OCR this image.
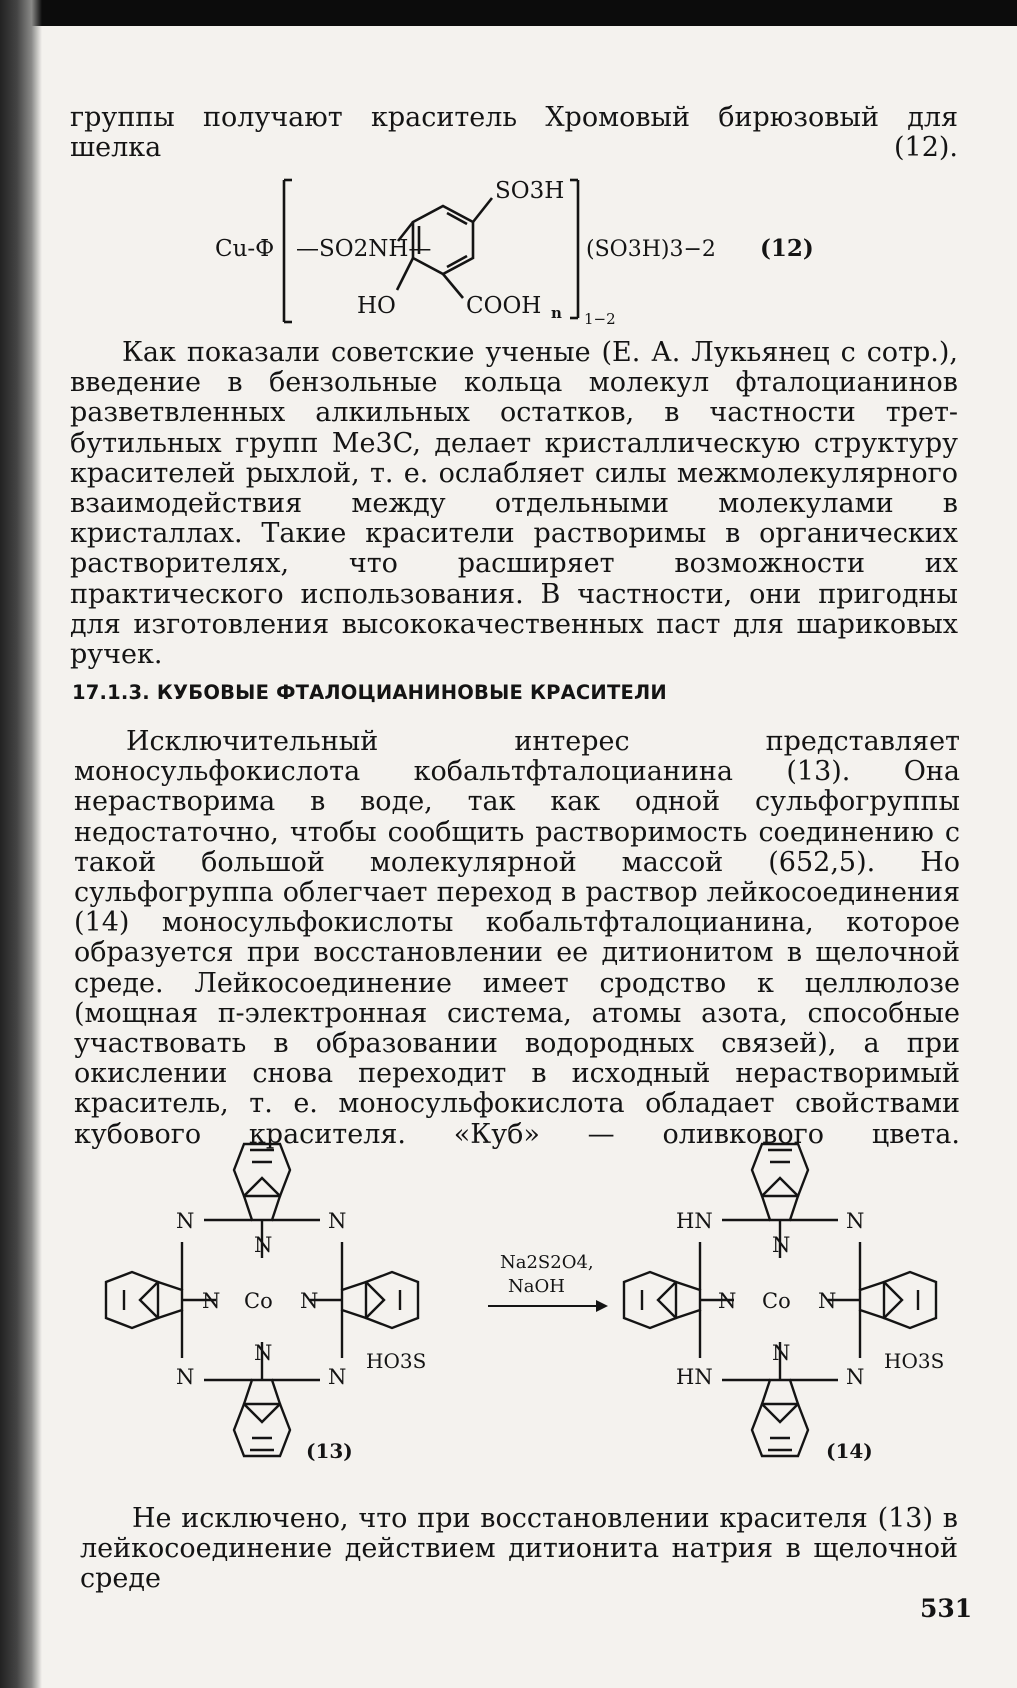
группы получают краситель Хромовый бирюзовый для шелка (12).

Cu-Ф —SO2NH—
SO3H
HO	COOH n 1−2
(SO3H)3−2 (12)

Как показали советские ученые (Е. А. Лукьянец с сотр.), введение в бензольные кольца молекул фталоцианинов разветвленных алкильных остатков, в частности трет-бутильных групп Me3C, делает кристаллическую структуру красителей рыхлой, т. е. ослабляет силы межмолекулярного взаимодействия между отдельными молекулами в кристаллах. Такие красители растворимы в органических растворителях, что расширяет возможности их практического использования. В частности, они пригодны для изготовления высококачественных паст для шариковых ручек.

17.1.3. КУБОВЫЕ ФТАЛОЦИАНИНОВЫЕ КРАСИТЕЛИ

Исключительный интерес представляет моносульфокислота кобальтфталоцианина (13). Она нерастворима в воде, так как одной сульфогруппы недостаточно, чтобы сообщить растворимость соединению с такой большой молекулярной массой (652,5). Но сульфогруппа облегчает переход в раствор лейкосоединения (14) моносульфокислоты кобальтфталоцианина, которое образуется при восстановлении ее дитионитом в щелочной среде. Лейкосоединение имеет сродство к целлюлозе (мощная π-электронная система, атомы азота, способные участвовать в образовании водородных связей), а при окислении снова переходит в исходный нерастворимый краситель, т. е. моносульфокислота обладает свойствами кубового красителя. «Куб» — оливкового цвета.

N	N
N
N Co N
N
N	N
HO3S
(13)
Na2S2O4,
NaOH
HN	N
N
N Co N
N
HN	N
HO3S
(14)

Не исключено, что при восстановлении красителя (13) в лейкосоединение действием дитионита натрия в щелочной среде

531
